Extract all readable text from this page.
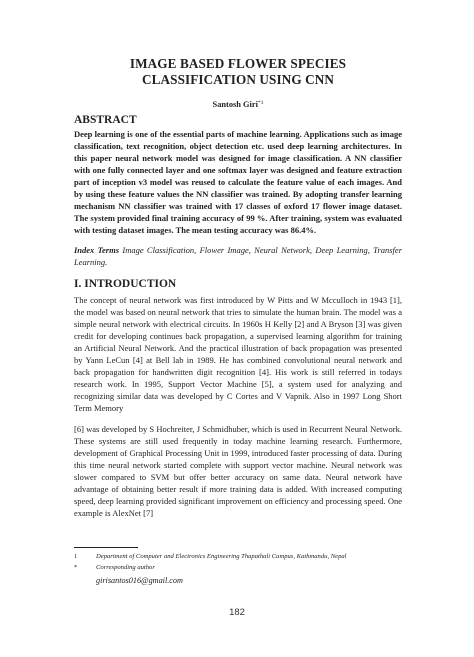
IMAGE BASED FLOWER SPECIES
CLASSIFICATION USING CNN
Santosh Giri$^{*1}$
ABSTRACT

Deep learning is one of the essential parts of machine learning. Applications such as image classification, text recognition, object detection etc. used deep learning architectures. In this paper neural network model was designed for image classification. A NN classifier with one fully connected layer and one softmax layer was designed and feature extraction part of inception v3 model was reused to calculate the feature value of each images. And by using these feature values the NN classifier was trained. By adopting transfer learning mechanism NN classifier was trained with 17 classes of oxford 17 flower image dataset. The system provided final training accuracy of 99 %. After training, system was evaluated with testing dataset images. The mean testing accuracy was 86.4%.

Index Terms Image Classification, Flower Image, Neural Network, Deep Learning, Transfer Learning.

I. INTRODUCTION

The concept of neural network was first introduced by W Pitts and W Mcculloch in 1943 [1], the model was based on neural network that tries to simulate the human brain. The model was a simple neural network with electrical circuits. In 1960s H Kelly [2] and A Bryson [3] was given credit for developing continues back propagation, a supervised learning algorithm for training an Artificial Neural Network. And the practical illustration of back propagation was presented by Yann LeCun [4] at Bell lab in 1989. He has combined convolutional neural network and back propagation for handwritten digit recognition [4]. His work is still referred in todays research work. In 1995, Support Vector Machine [5], a system used for analyzing and recognizing similar data was developed by C Cortes and V Vapnik. Also in 1997 Long Short Term Memory

[6] was developed by S Hochreiter, J Schmidhuber, which is used in Recurrent Neural Network. These systems are still used frequently in today machine learning research. Furthermore, development of Graphical Processing Unit in 1999, introduced faster processing of data. During this time neural network started complete with support vector machine. Neural network was slower compared to SVM but offer better accuracy on same data. Neural network have advantage of obtaining better result if more training data is added. With increased computing speed, deep learning provided significant improvement on efficiency and processing speed. One example is AlexNet [7]

1	Department of Computer and Electronics Engineering Thapathali Campus, Kathmandu, Nepal
*	Corresponding author
girisantos016@gmail.com
182
